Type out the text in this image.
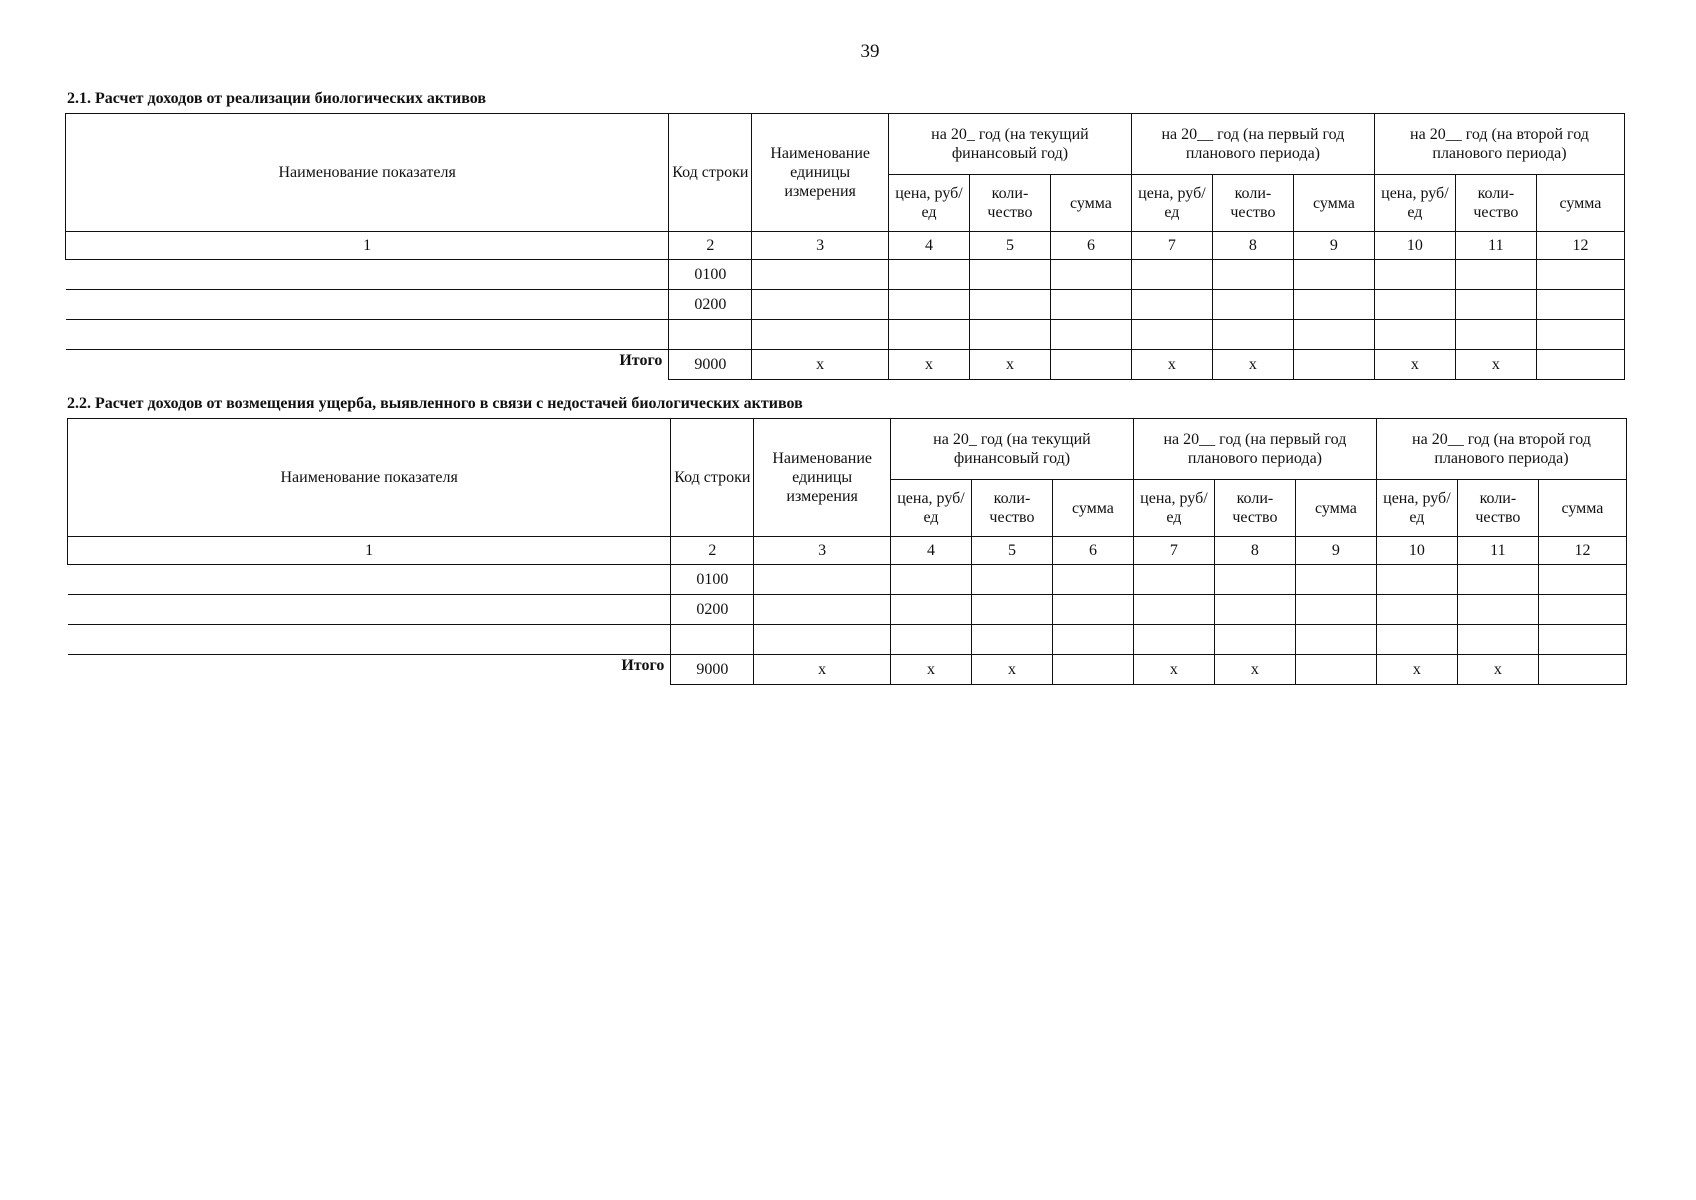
39
2.1. Расчет доходов от реализации биологических активов
Наименование показателя	Код строки	Наименование единицы измерения	на 20_ год (на текущий финансовый год)			на 20__ год (на первый год планового периода)			на 20__ год (на второй год планового периода)		
			цена, руб/ед	коли-чество	сумма	цена, руб/ед	коли-чество	сумма	цена, руб/ед	коли-чество	сумма
1	2	3	4	5	6	7	8	9	10	11	12
	0100										
	0200										

Итого	9000	x	x	x		x	x		x	x	
2.2. Расчет доходов от возмещения ущерба, выявленного в связи с недостачей биологических активов
Наименование показателя	Код строки	Наименование единицы измерения	на 20_ год (на текущий финансовый год)			на 20__ год (на первый год планового периода)			на 20__ год (на второй год планового периода)		
			цена, руб/ед	коли-чество	сумма	цена, руб/ед	коли-чество	сумма	цена, руб/ед	коли-чество	сумма
1	2	3	4	5	6	7	8	9	10	11	12
	0100										
	0200										

Итого	9000	x	x	x		x	x		x	x	
